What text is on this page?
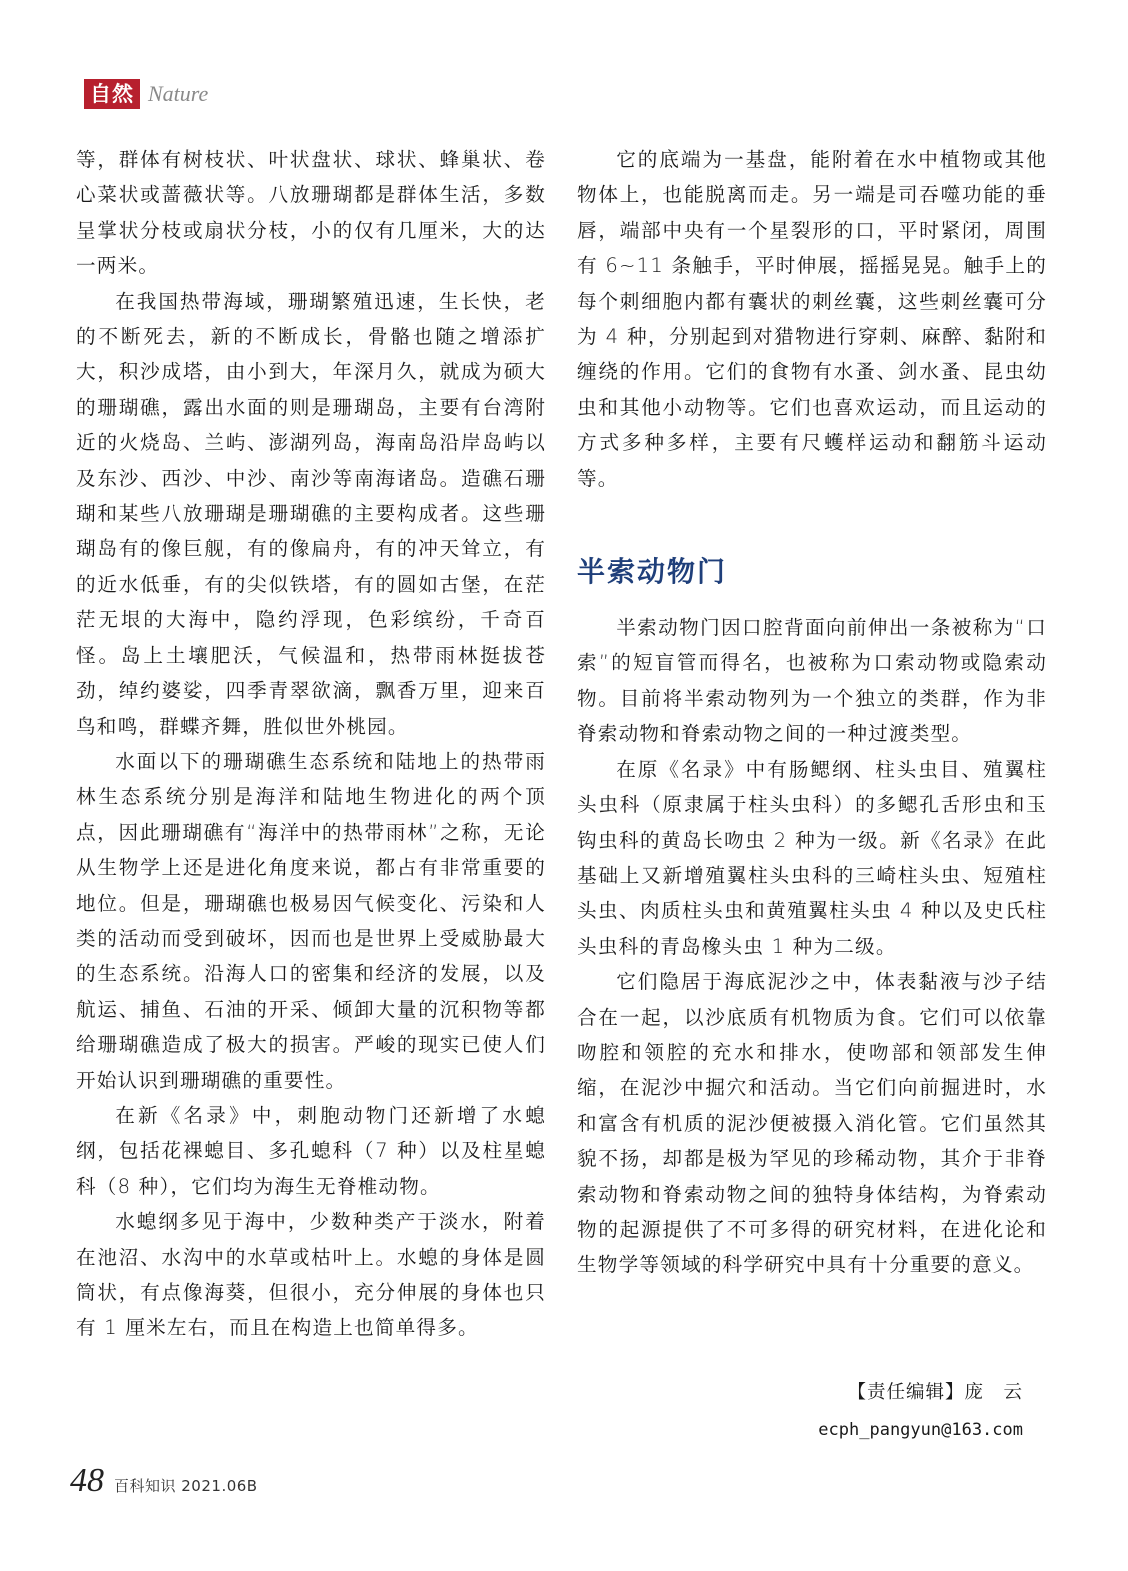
自然 Nature

等，群体有树枝状、叶状盘状、球状、蜂巢状、卷心菜状或蔷薇状等。八放珊瑚都是群体生活，多数呈掌状分枝或扇状分枝，小的仅有几厘米，大的达一两米。

在我国热带海域，珊瑚繁殖迅速，生长快，老的不断死去，新的不断成长，骨骼也随之增添扩大，积沙成塔，由小到大，年深月久，就成为硕大的珊瑚礁，露出水面的则是珊瑚岛，主要有台湾附近的火烧岛、兰屿、澎湖列岛，海南岛沿岸岛屿以及东沙、西沙、中沙、南沙等南海诸岛。造礁石珊瑚和某些八放珊瑚是珊瑚礁的主要构成者。这些珊瑚岛有的像巨舰，有的像扁舟，有的冲天耸立，有的近水低垂，有的尖似铁塔，有的圆如古堡，在茫茫无垠的大海中，隐约浮现，色彩缤纷，千奇百怪。岛上土壤肥沃，气候温和，热带雨林挺拔苍劲，绰约婆娑，四季青翠欲滴，飘香万里，迎来百鸟和鸣，群蝶齐舞，胜似世外桃园。

水面以下的珊瑚礁生态系统和陆地上的热带雨林生态系统分别是海洋和陆地生物进化的两个顶点，因此珊瑚礁有“海洋中的热带雨林”之称，无论从生物学上还是进化角度来说，都占有非常重要的地位。但是，珊瑚礁也极易因气候变化、污染和人类的活动而受到破坏，因而也是世界上受威胁最大的生态系统。沿海人口的密集和经济的发展，以及航运、捕鱼、石油的开采、倾卸大量的沉积物等都给珊瑚礁造成了极大的损害。严峻的现实已使人们开始认识到珊瑚礁的重要性。

在新《名录》中，刺胞动物门还新增了水螅纲，包括花裸螅目、多孔螅科（7 种）以及柱星螅科（8 种），它们均为海生无脊椎动物。

水螅纲多见于海中，少数种类产于淡水，附着在池沼、水沟中的水草或枯叶上。水螅的身体是圆筒状，有点像海葵，但很小，充分伸展的身体也只有 1 厘米左右，而且在构造上也简单得多。

它的底端为一基盘，能附着在水中植物或其他物体上，也能脱离而走。另一端是司吞噬功能的垂唇，端部中央有一个星裂形的口，平时紧闭，周围有 6~11 条触手，平时伸展，摇摇晃晃。触手上的每个刺细胞内都有囊状的刺丝囊，这些刺丝囊可分为 4 种，分别起到对猎物进行穿刺、麻醉、黏附和缠绕的作用。它们的食物有水蚤、剑水蚤、昆虫幼虫和其他小动物等。它们也喜欢运动，而且运动的方式多种多样，主要有尺蠖样运动和翻筋斗运动等。

半索动物门

半索动物门因口腔背面向前伸出一条被称为“口索”的短盲管而得名，也被称为口索动物或隐索动物。目前将半索动物列为一个独立的类群，作为非脊索动物和脊索动物之间的一种过渡类型。

在原《名录》中有肠鳃纲、柱头虫目、殖翼柱头虫科（原隶属于柱头虫科）的多鳃孔舌形虫和玉钩虫科的黄岛长吻虫 2 种为一级。新《名录》在此基础上又新增殖翼柱头虫科的三崎柱头虫、短殖柱头虫、肉质柱头虫和黄殖翼柱头虫 4 种以及史氏柱头虫科的青岛橡头虫 1 种为二级。

它们隐居于海底泥沙之中，体表黏液与沙子结合在一起，以沙底质有机物质为食。它们可以依靠吻腔和领腔的充水和排水，使吻部和领部发生伸缩，在泥沙中掘穴和活动。当它们向前掘进时，水和富含有机质的泥沙便被摄入消化管。它们虽然其貌不扬，却都是极为罕见的珍稀动物，其介于非脊索动物和脊索动物之间的独特身体结构，为脊索动物的起源提供了不可多得的研究材料，在进化论和生物学等领域的科学研究中具有十分重要的意义。

【责任编辑】庞　云
ecph_pangyun@163.com
48 百科知识 2021.06B
